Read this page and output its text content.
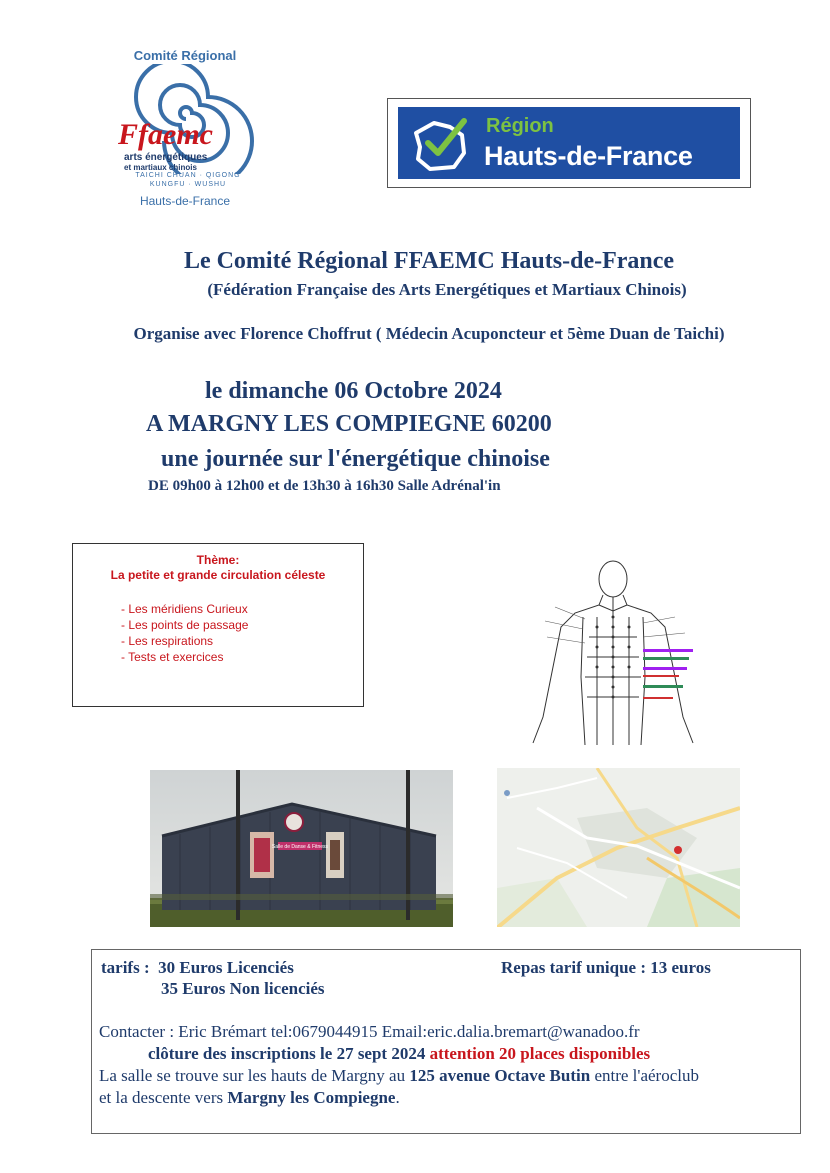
Comité Régional
Ffaemc
arts énergétiques
et martiaux chinois
TAICHI CHUAN · QIGONG
KUNGFU · WUSHU
Hauts-de-France
Région
Hauts-de-France
Le Comité Régional FFAEMC Hauts-de-France
(Fédération Française des Arts Energétiques et Martiaux Chinois)
Organise avec Florence Choffrut ( Médecin Acuponcteur et 5ème Duan de Taichi)
le dimanche 06 Octobre 2024
A MARGNY LES COMPIEGNE 60200
une journée sur l'énergétique chinoise
DE 09h00 à 12h00 et de 13h30 à 16h30 Salle Adrénal'in
Thème:
La petite et grande circulation céleste
- Les méridiens Curieux
- Les points de passage
- Les respirations
- Tests et exercices
Salle de Danse & Fitness
tarifs : 30 Euros Licenciés
35 Euros Non licenciés
Repas tarif unique : 13 euros
Contacter : Eric Brémart tel:0679044915 Email:eric.dalia.bremart@wanadoo.fr
clôture des inscriptions le 27 sept 2024 attention 20 places disponibles
La salle se trouve sur les hauts de Margny au 125 avenue Octave Butin entre l'aéroclub
et la descente vers Margny les Compiegne.
